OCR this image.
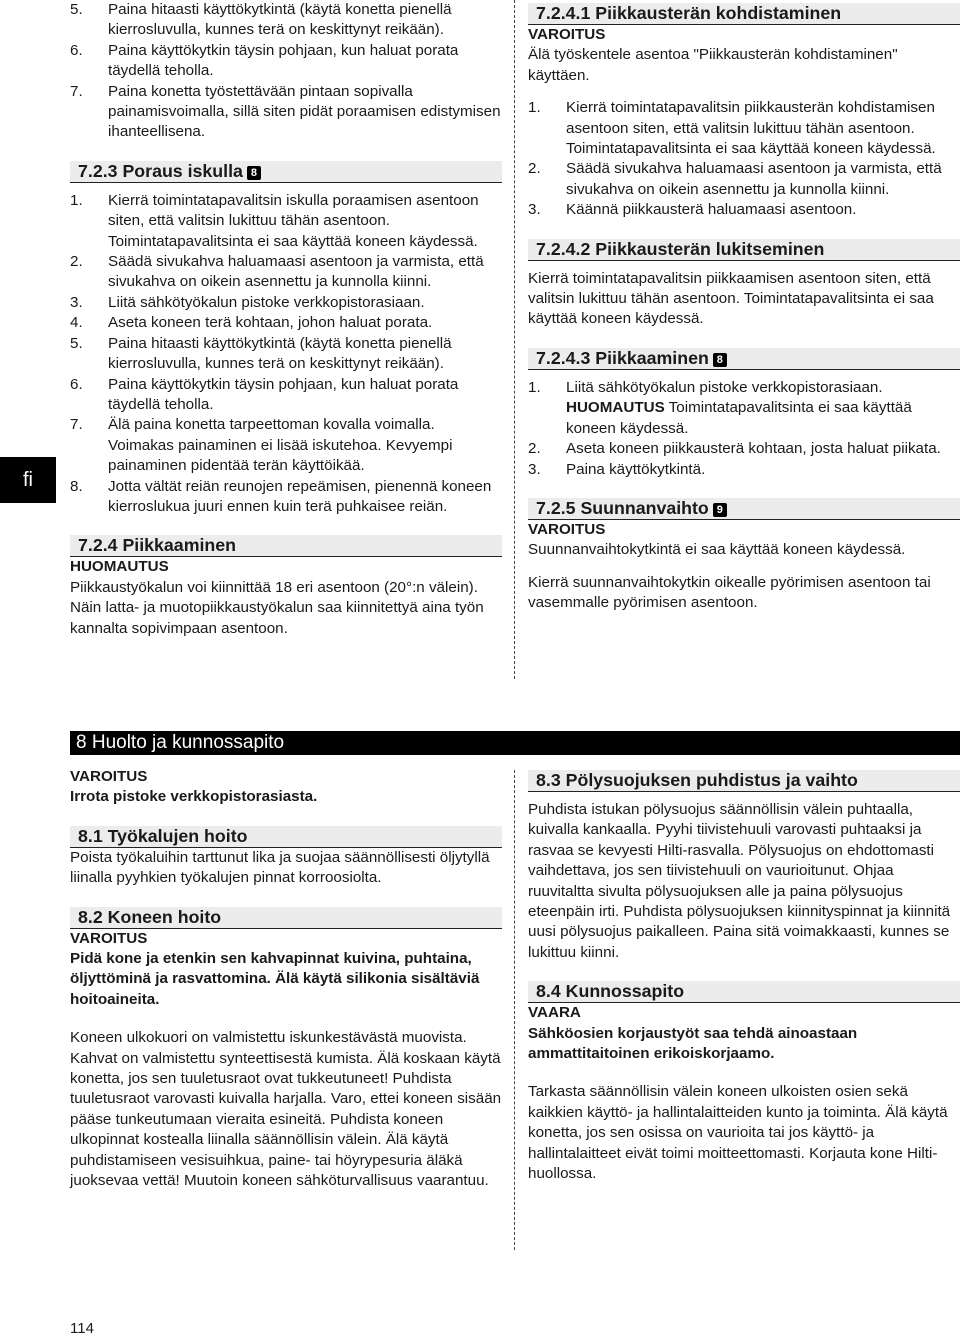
fi
5. Paina hitaasti käyttökytkintä (käytä konetta pienellä kierrosluvulla, kunnes terä on keskittynyt reikään).
6. Paina käyttökytkin täysin pohjaan, kun haluat porata täydellä teholla.
7. Paina konetta työstettävään pintaan sopivalla painamisvoimalla, sillä siten pidät poraamisen edistymisen ihanteellisena.
7.2.3 Poraus iskulla 8
1. Kierrä toimintatapavalitsin iskulla poraamisen asentoon siten, että valitsin lukittuu tähän asentoon. Toimintatapavalitsinta ei saa käyttää koneen käydessä.
2. Säädä sivukahva haluamaasi asentoon ja varmista, että sivukahva on oikein asennettu ja kunnolla kiinni.
3. Liitä sähkötyökalun pistoke verkkopistorasiaan.
4. Aseta koneen terä kohtaan, johon haluat porata.
5. Paina hitaasti käyttökytkintä (käytä konetta pienellä kierrosluvulla, kunnes terä on keskittynyt reikään).
6. Paina käyttökytkin täysin pohjaan, kun haluat porata täydellä teholla.
7. Älä paina konetta tarpeettoman kovalla voimalla. Voimakas painaminen ei lisää iskutehoa. Kevyempi painaminen pidentää terän käyttöikää.
8. Jotta vältät reiän reunojen repeämisen, pienennä koneen kierroslukua juuri ennen kuin terä puhkaisee reiän.
7.2.4 Piikkaaminen

HUOMAUTUS

Piikkaustyökalun voi kiinnittää 18 eri asentoon (20°:n välein). Näin latta- ja muotopiikkaustyökalun saa kiinnitettyä aina työn kannalta sopivimpaan asentoon.

7.2.4.1 Piikkausterän kohdistaminen

VAROITUS

Älä työskentele asentoa "Piikkausterän kohdistaminen" käyttäen.

1. Kierrä toimintatapavalitsin piikkausterän kohdistamisen asentoon siten, että valitsin lukittuu tähän asentoon. Toimintatapavalitsinta ei saa käyttää koneen käydessä.
2. Säädä sivukahva haluamaasi asentoon ja varmista, että sivukahva on oikein asennettu ja kunnolla kiinni.
3. Käännä piikkausterä haluamaasi asentoon.
7.2.4.2 Piikkausterän lukitseminen

Kierrä toimintatapavalitsin piikkaamisen asentoon siten, että valitsin lukittuu tähän asentoon. Toimintatapavalitsinta ei saa käyttää koneen käydessä.

7.2.4.3 Piikkaaminen 8
1. Liitä sähkötyökalun pistoke verkkopistorasiaan.
HUOMAUTUS Toimintatapavalitsinta ei saa käyttää koneen käydessä.
2. Aseta koneen piikkausterä kohtaan, josta haluat piikata.
3. Paina käyttökytkintä.
7.2.5 Suunnanvaihto 9

VAROITUS

Suunnanvaihtokytkintä ei saa käyttää koneen käydessä.

Kierrä suunnanvaihtokytkin oikealle pyörimisen asentoon tai vasemmalle pyörimisen asentoon.

8 Huolto ja kunnossapito

VAROITUS

Irrota pistoke verkkopistorasiasta.

8.1 Työkalujen hoito

Poista työkaluihin tarttunut lika ja suojaa säännöllisesti öljytyllä liinalla pyyhkien työkalujen pinnat korroosiolta.

8.2 Koneen hoito

VAROITUS

Pidä kone ja etenkin sen kahvapinnat kuivina, puhtaina, öljyttöminä ja rasvattomina. Älä käytä silikonia sisältäviä hoitoaineita.

Koneen ulkokuori on valmistettu iskunkestävästä muovista. Kahvat on valmistettu synteettisestä kumista. Älä koskaan käytä konetta, jos sen tuuletusraot ovat tukkeutuneet! Puhdista tuuletusraot varovasti kuivalla harjalla. Varo, ettei koneen sisään pääse tunkeutumaan vieraita esineitä. Puhdista koneen ulkopinnat kostealla liinalla säännöllisin välein. Älä käytä puhdistamiseen vesisuihkua, paine- tai höyrypesuria äläkä juoksevaa vettä! Muutoin koneen sähköturvallisuus vaarantuu.

8.3 Pölysuojuksen puhdistus ja vaihto

Puhdista istukan pölysuojus säännöllisin välein puhtaalla, kuivalla kankaalla. Pyyhi tiivistehuuli varovasti puhtaaksi ja rasvaa se kevyesti Hilti-rasvalla. Pölysuojus on ehdottomasti vaihdettava, jos sen tiivistehuuli on vaurioitunut. Ohjaa ruuvitaltta sivulta pölysuojuksen alle ja paina pölysuojus eteenpäin irti. Puhdista pölysuojuksen kiinnityspinnat ja kiinnitä uusi pölysuojus paikalleen. Paina sitä voimakkaasti, kunnes se lukittuu kiinni.

8.4 Kunnossapito

VAARA

Sähköosien korjaustyöt saa tehdä ainoastaan ammattitaitoinen erikoiskorjaamo.

Tarkasta säännöllisin välein koneen ulkoisten osien sekä kaikkien käyttö- ja hallintalaitteiden kunto ja toiminta. Älä käytä konetta, jos sen osissa on vaurioita tai jos käyttö- ja hallintalaitteet eivät toimi moitteettomasti. Korjauta kone Hilti-huollossa.

114
